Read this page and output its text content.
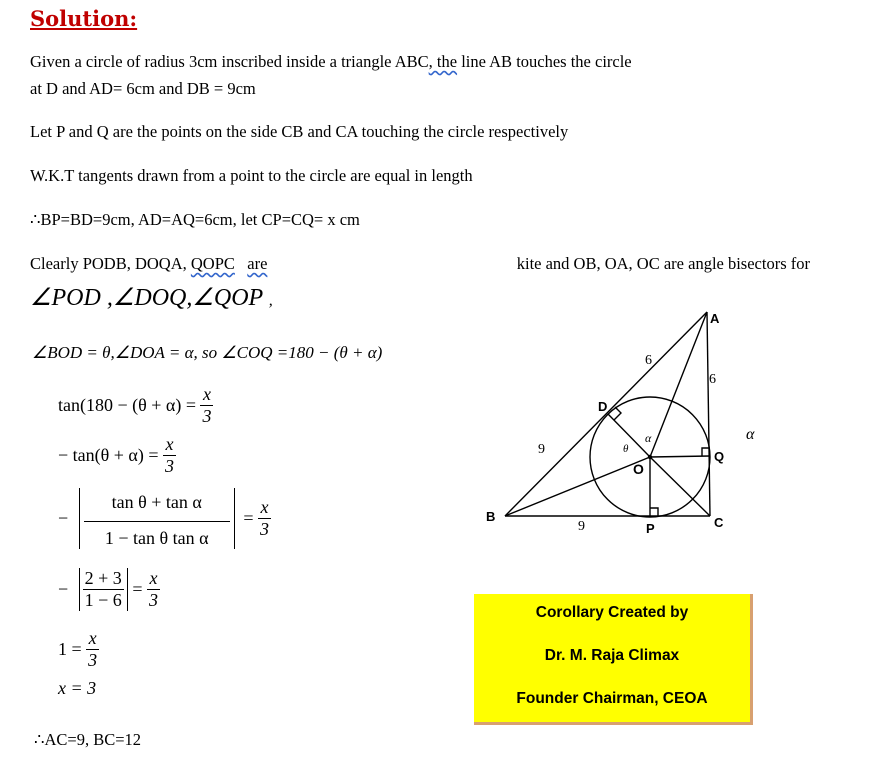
Solution:
Given a circle of radius 3cm inscribed inside a triangle ABC, the line AB touches the circle
at D and AD= 6cm and DB = 9cm
Let P and Q are the points on the side CB and CA touching the circle respectively
W.K.T tangents drawn from a point to the circle are equal in length
∴BP=BD=9cm, AD=AQ=6cm, let CP=CQ= x cm
Clearly PODB, DOQA, QOPC are	kite and OB, OA, OC are angle bisectors for
∠POD ,∠DOQ,∠QOP ,
∠BOD = θ,∠DOA = α, so ∠COQ =180 − (θ + α)
$\tan(180 - (\theta + \alpha) = \frac{x}{3}$
− $\tan(\theta + \alpha) = \frac{x}{3}$
− $\frac{\text{tan θ + tan α}}{\text{1 − tan θ tan α}} = \frac{x}{3}$
− $\frac{2 + 3}{1 - 6} = \frac{x}{3}$
$1 = \frac{x}{3}$
x = 3
∴AC=9, BC=12
α
A
B	C
D
P
Q
O
6
6
9
9
θ
α
Corollary Created by
Dr. M. Raja Climax
Founder Chairman, CEOA
